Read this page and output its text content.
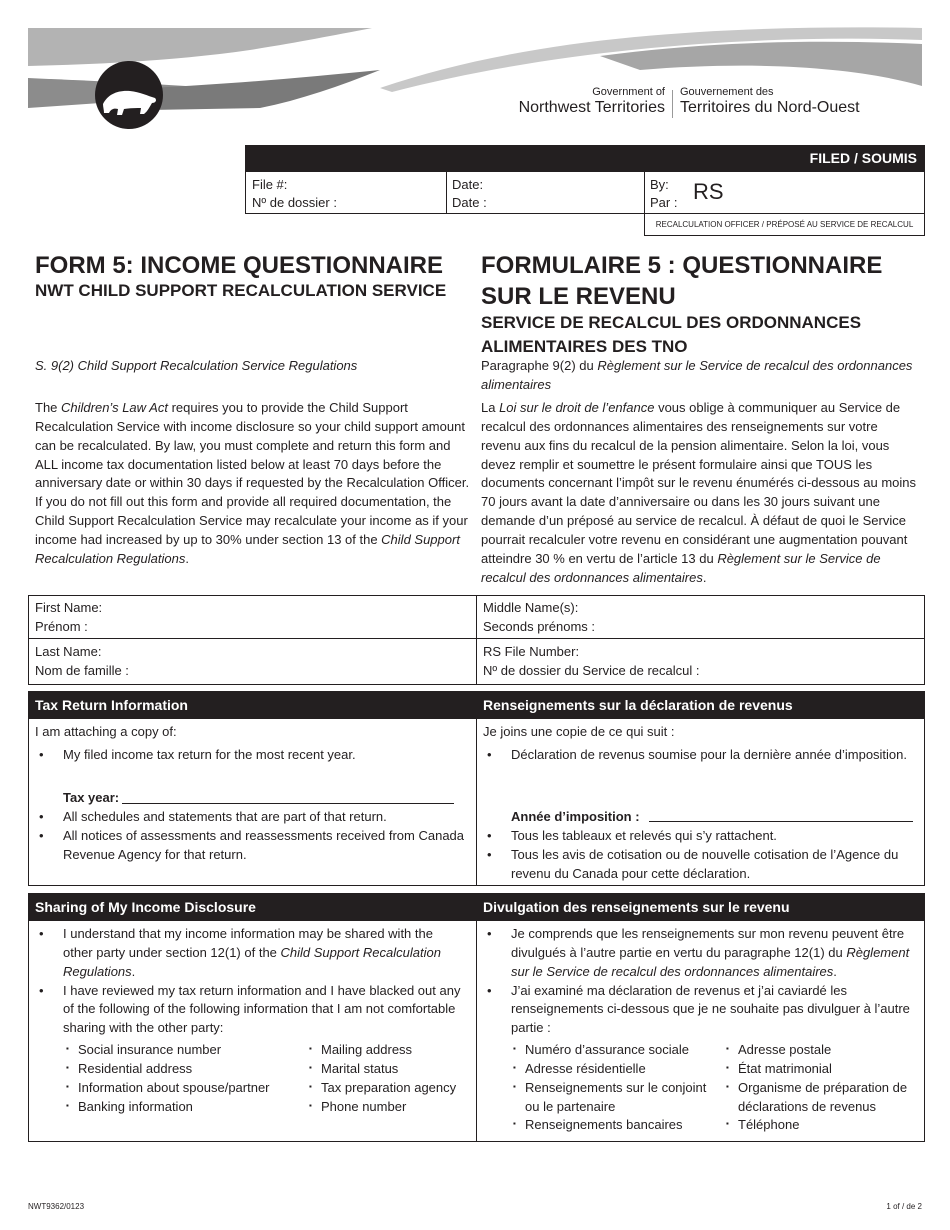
Government of
Northwest Territories
Gouvernement des
Territoires du Nord-Ouest
FILED / SOUMIS
File #:
Nº de dossier :
Date:
Date :
By:
Par : RS
RECALCULATION OFFICER / PRÉPOSÉ AU SERVICE DE RECALCUL
FORM 5: INCOME QUESTIONNAIRE
NWT CHILD SUPPORT RECALCULATION SERVICE
FORMULAIRE 5 : QUESTIONNAIRE
SUR LE REVENU
SERVICE DE RECALCUL DES ORDONNANCES
ALIMENTAIRES DES TNO
S. 9(2) Child Support Recalculation Service Regulations	Paragraphe 9(2) du Règlement sur le Service de recalcul des ordonnances alimentaires
The Children’s Law Act requires you to provide the Child Support Recalculation Service with income disclosure so your child support amount can be recalculated. By law, you must complete and return this form and ALL income tax documentation listed below at least 70 days before the anniversary date or within 30 days if requested by the Recalculation Officer. If you do not fill out this form and provide all required documentation, the Child Support Recalculation Service may recalculate your income as if your income had increased by up to 30% under section 13 of the Child Support Recalculation Regulations.
La Loi sur le droit de l’enfance vous oblige à communiquer au Service de recalcul des ordonnances alimentaires des renseignements sur votre revenu aux fins du recalcul de la pension alimentaire. Selon la loi, vous devez remplir et soumettre le présent formulaire ainsi que TOUS les documents concernant l’impôt sur le revenu énumérés ci-dessous au moins 70 jours avant la date d’anniversaire ou dans les 30 jours suivant une demande d’un préposé au service de recalcul. À défaut de quoi le Service pourrait recalculer votre revenu en considérant une augmentation pouvant atteindre 30 % en vertu de l’article 13 du Règlement sur le Service de recalcul des ordonnances alimentaires.
First Name:
Prénom :
Middle Name(s):
Seconds prénoms :
Last Name:
Nom de famille :
RS File Number:
Nº de dossier du Service de recalcul :
Tax Return Information	Renseignements sur la déclaration de revenus
I am attaching a copy of:
• My filed income tax return for the most recent year.
Tax year:
• All schedules and statements that are part of that return.
• All notices of assessments and reassessments received from Canada Revenue Agency for that return.
Je joins une copie de ce qui suit :
• Déclaration de revenus soumise pour la dernière année d’imposition.
Année d’imposition :
• Tous les tableaux et relevés qui s’y rattachent.
• Tous les avis de cotisation ou de nouvelle cotisation de l’Agence du revenu du Canada pour cette déclaration.
Sharing of My Income Disclosure	Divulgation des renseignements sur le revenu
• I understand that my income information may be shared with the other party under section 12(1) of the Child Support Recalculation Regulations.
• I have reviewed my tax return information and I have blacked out any of the following of the following information that I am not comfortable sharing with the other party:
▪ Social insurance number
▪ Residential address
▪ Information about spouse/partner
▪ Banking information
▪ Mailing address
▪ Marital status
▪ Tax preparation agency
▪ Phone number
• Je comprends que les renseignements sur mon revenu peuvent être divulgués à l’autre partie en vertu du paragraphe 12(1) du Règlement sur le Service de recalcul des ordonnances alimentaires.
• J’ai examiné ma déclaration de revenus et j’ai caviardé les renseignements ci-dessous que je ne souhaite pas divulguer à l’autre partie :
▪ Numéro d’assurance sociale
▪ Adresse résidentielle
▪ Renseignements sur le conjoint ou le partenaire
▪ Renseignements bancaires
▪ Adresse postale
▪ État matrimonial
▪ Organisme de préparation de déclarations de revenus
▪ Téléphone
NWT9362/0123	1 of / de 2
